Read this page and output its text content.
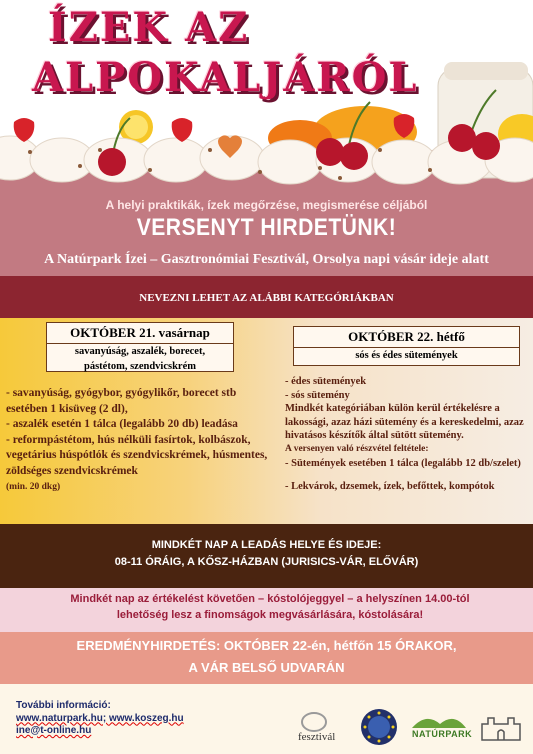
ÍZEK AZ
ALPOKALJÁRÓL
A helyi praktikák, ízek megőrzése, megismerése céljából
VERSENYT HIRDETÜNK!
A Natúrpark Ízei – Gasztronómiai Fesztivál, Orsolya napi vásár ideje alatt
NEVEZNI LEHET AZ ALÁBBI KATEGÓRIÁKBAN
OKTÓBER 21. vasárnap
savanyúság, aszalék, borecet,
pástétom, szendvicskrém
OKTÓBER 22. hétfő
sós és édes sütemények

- savanyúság, gyógybor, gyógylikőr, borecet stb esetében 1 kisüveg (2 dl),

- aszalék esetén 1 tálca (legalább 20 db) leadása

- reformpástétom, hús nélküli fasírtok, kolbászok, vegetárius húspótlók és szendvicskrémek, húsmentes, zöldséges szendvicskrémek

(min. 20 dkg)

- édes sütemények

- sós sütemény

Mindkét kategóriában külön kerül értékelésre a lakossági, azaz házi sütemény és a kereskedelmi, azaz hivatásos készítők által sütött sütemény.

A versenyen való részvétel feltétele:

- Sütemények esetében 1 tálca (legalább 12 db/szelet)

- Lekvárok, dzsemek, ízek, befőttek, kompótok

MINDKÉT NAP A LEADÁS HELYE ÉS IDEJE:
08-11 ÓRÁIG, A KŐSZ-HÁZBAN (JURISICS-VÁR, ELŐVÁR)
Mindkét nap az értékelést követően – kóstolójeggyel – a helyszínen 14.00-tól lehetőség lesz a finomságok megvásárlására, kóstolására!
EREDMÉNYHIRDETÉS: OKTÓBER 22-én, hétfőn 15 ÓRAKOR,
A VÁR BELSŐ UDVARÁN
További információ:
www.naturpark.hu; www.koszeg.hu
ine@t-online.hu
fesztivál	NATÚRPARK
